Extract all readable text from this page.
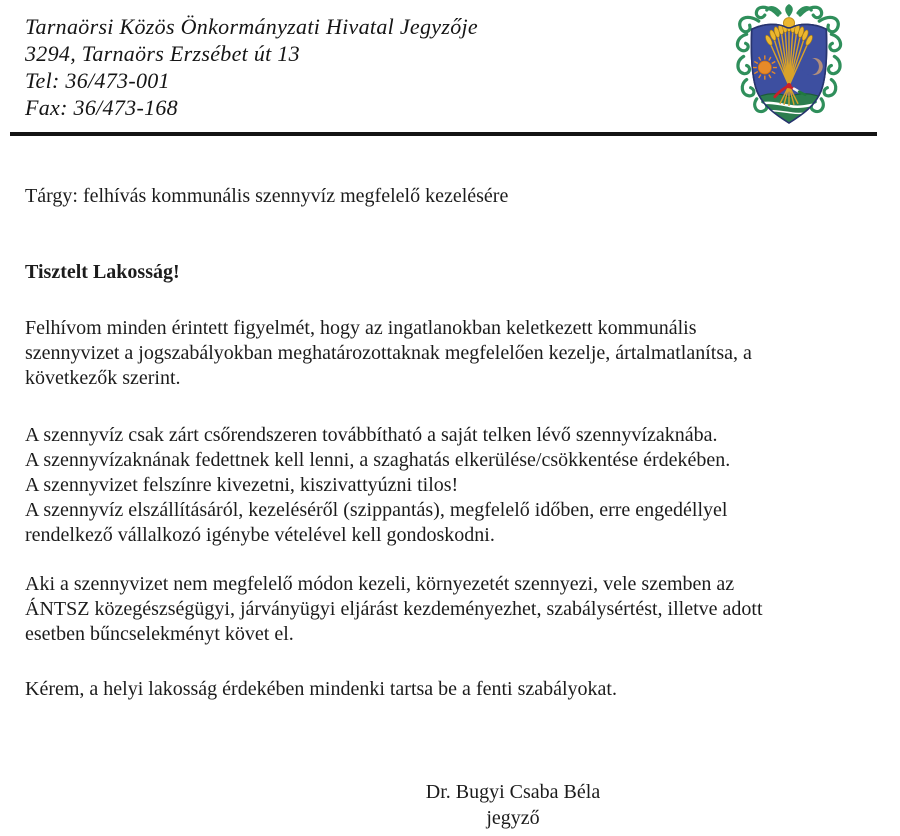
Tarnaörsi Közös Önkormányzati Hivatal Jegyzője
3294, Tarnaörs Erzsébet út 13
Tel: 36/473-001
Fax: 36/473-168
Tárgy: felhívás kommunális szennyvíz megfelelő kezelésére
Tisztelt Lakosság!
Felhívom minden érintett figyelmét, hogy az ingatlanokban keletkezett kommunális
szennyvizet a jogszabályokban meghatározottaknak megfelelően kezelje, ártalmatlanítsa, a
következők szerint.
A szennyvíz csak zárt csőrendszeren továbbítható a saját telken lévő szennyvízaknába.
A szennyvízaknának fedettnek kell lenni, a szaghatás elkerülése/csökkentése érdekében.
A szennyvizet felszínre kivezetni, kiszivattyúzni tilos!
A szennyvíz elszállításáról, kezeléséről (szippantás), megfelelő időben, erre engedéllyel
rendelkező vállalkozó igénybe vételével kell gondoskodni.
Aki a szennyvizet nem megfelelő módon kezeli, környezetét szennyezi, vele szemben az
ÁNTSZ közegészségügyi, járványügyi eljárást kezdeményezhet, szabálysértést, illetve adott
esetben bűncselekményt követ el.
Kérem, a helyi lakosság érdekében mindenki tartsa be a fenti szabályokat.
Dr. Bugyi Csaba Béla
jegyző
